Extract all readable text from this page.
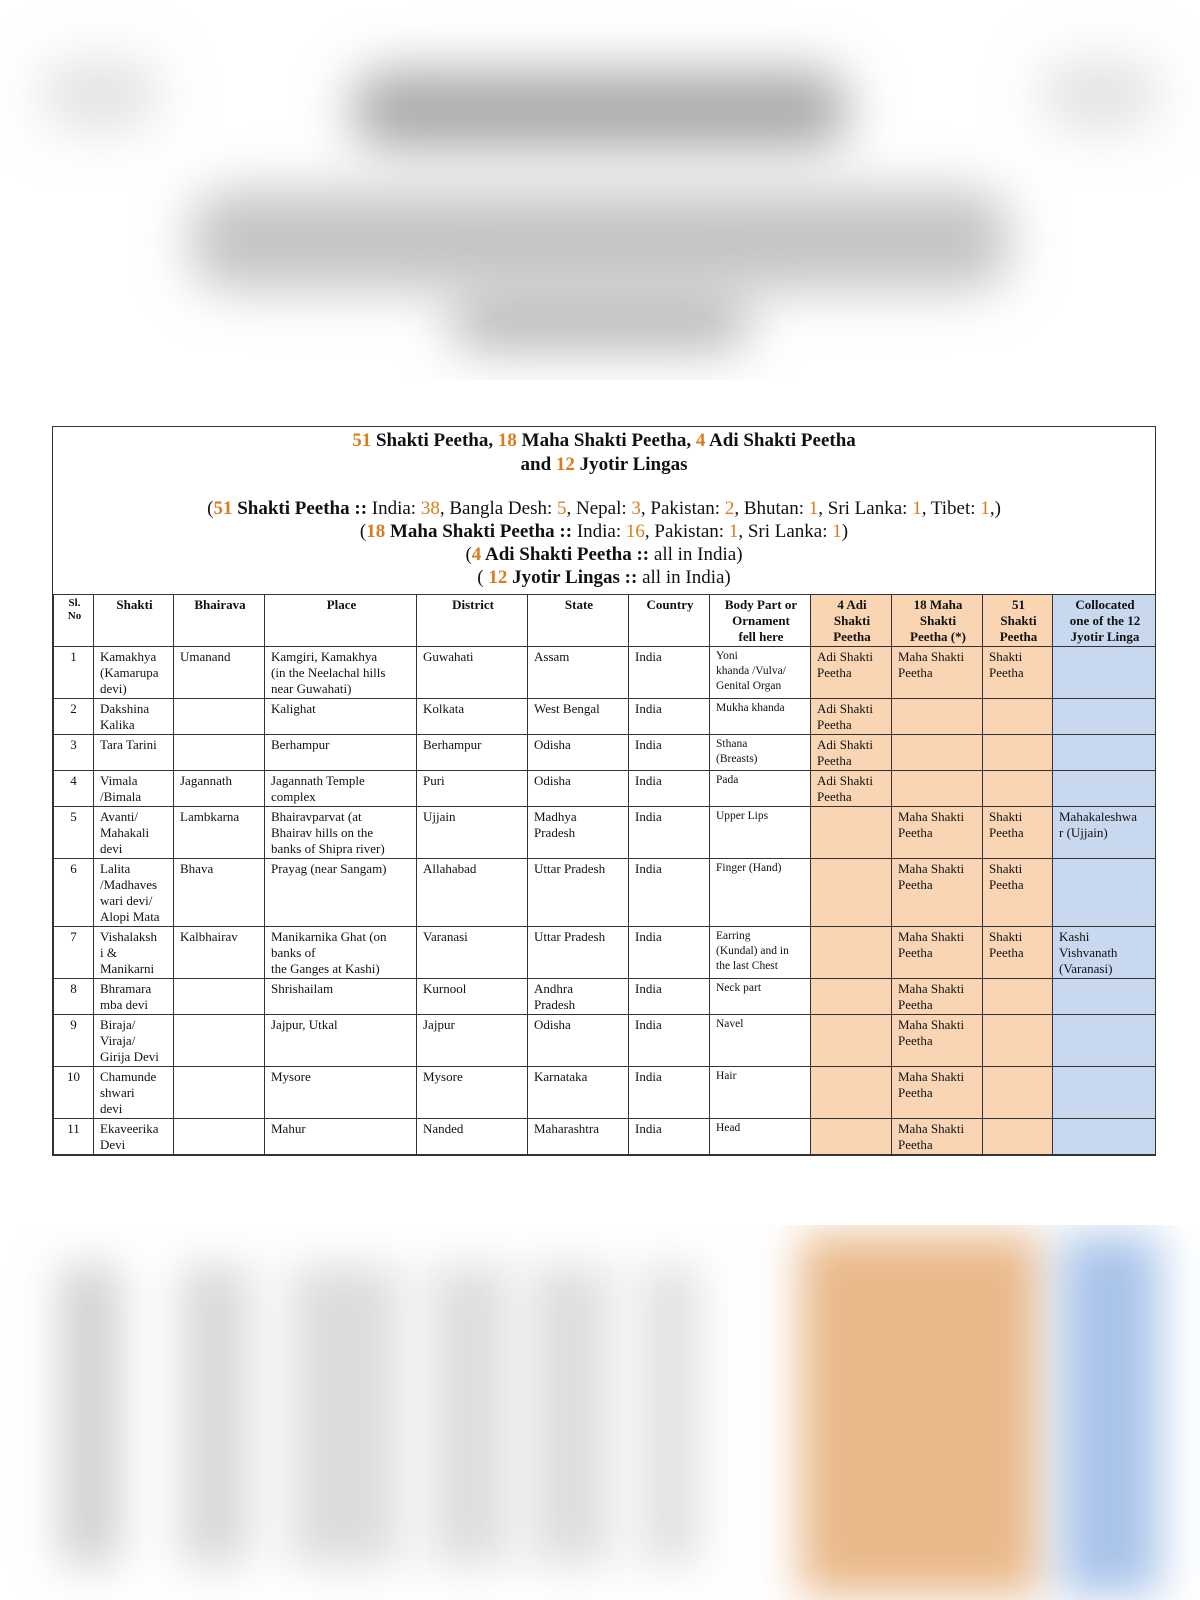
51 Shakti Peetha, 18 Maha Shakti Peetha, 4 Adi Shakti Peetha
and 12 Jyotir Lingas
(51 Shakti Peetha :: India: 38, Bangla Desh: 5, Nepal: 3, Pakistan: 2, Bhutan: 1, Sri Lanka: 1, Tibet: 1,)
(18 Maha Shakti Peetha :: India: 16, Pakistan: 1, Sri Lanka: 1)
(4 Adi Shakti Peetha :: all in India)
( 12 Jyotir Lingas :: all in India)
Sl.
No	Shakti	Bhairava	Place	District	State	Country	Body Part or
Ornament
fell here	4 Adi
Shakti
Peetha	18 Maha
Shakti
Peetha (*)	51
Shakti
Peetha	Collocated
one of the 12
Jyotir Linga
1	Kamakhya
(Kamarupa
devi)	Umanand	Kamgiri, Kamakhya
(in the Neelachal hills
near Guwahati)	Guwahati	Assam	India	Yoni
khanda /Vulva/
Genital Organ	Adi Shakti
Peetha	Maha Shakti
Peetha	Shakti
Peetha	
2	Dakshina
Kalika		Kalighat	Kolkata	West Bengal	India	Mukha khanda	Adi Shakti
Peetha			
3	Tara Tarini		Berhampur	Berhampur	Odisha	India	Sthana
(Breasts)	Adi Shakti
Peetha			
4	Vimala
/Bimala	Jagannath	Jagannath Temple
complex	Puri	Odisha	India	Pada	Adi Shakti
Peetha			
5	Avanti/
Mahakali
devi	Lambkarna	Bhairavparvat (at
Bhairav hills on the
banks of Shipra river)	Ujjain	Madhya
Pradesh	India	Upper Lips		Maha Shakti
Peetha	Shakti
Peetha	Mahakaleshwa
r (Ujjain)
6	Lalita
/Madhaves
wari devi/
Alopi Mata	Bhava	Prayag (near Sangam)	Allahabad	Uttar Pradesh	India	Finger (Hand)		Maha Shakti
Peetha	Shakti
Peetha	
7	Vishalaksh
i &
Manikarni	Kalbhairav	Manikarnika Ghat (on
banks of
the Ganges at Kashi)	Varanasi	Uttar Pradesh	India	Earring
(Kundal) and in
the last Chest		Maha Shakti
Peetha	Shakti
Peetha	Kashi
Vishvanath
(Varanasi)
8	Bhramara
mba devi		Shrishailam	Kurnool	Andhra
Pradesh	India	Neck part		Maha Shakti
Peetha		
9	Biraja/
Viraja/
Girija Devi		Jajpur, Utkal	Jajpur	Odisha	India	Navel		Maha Shakti
Peetha		
10	Chamunde
shwari
devi		Mysore	Mysore	Karnataka	India	Hair		Maha Shakti
Peetha		
11	Ekaveerika
Devi		Mahur	Nanded	Maharashtra	India	Head		Maha Shakti
Peetha		
